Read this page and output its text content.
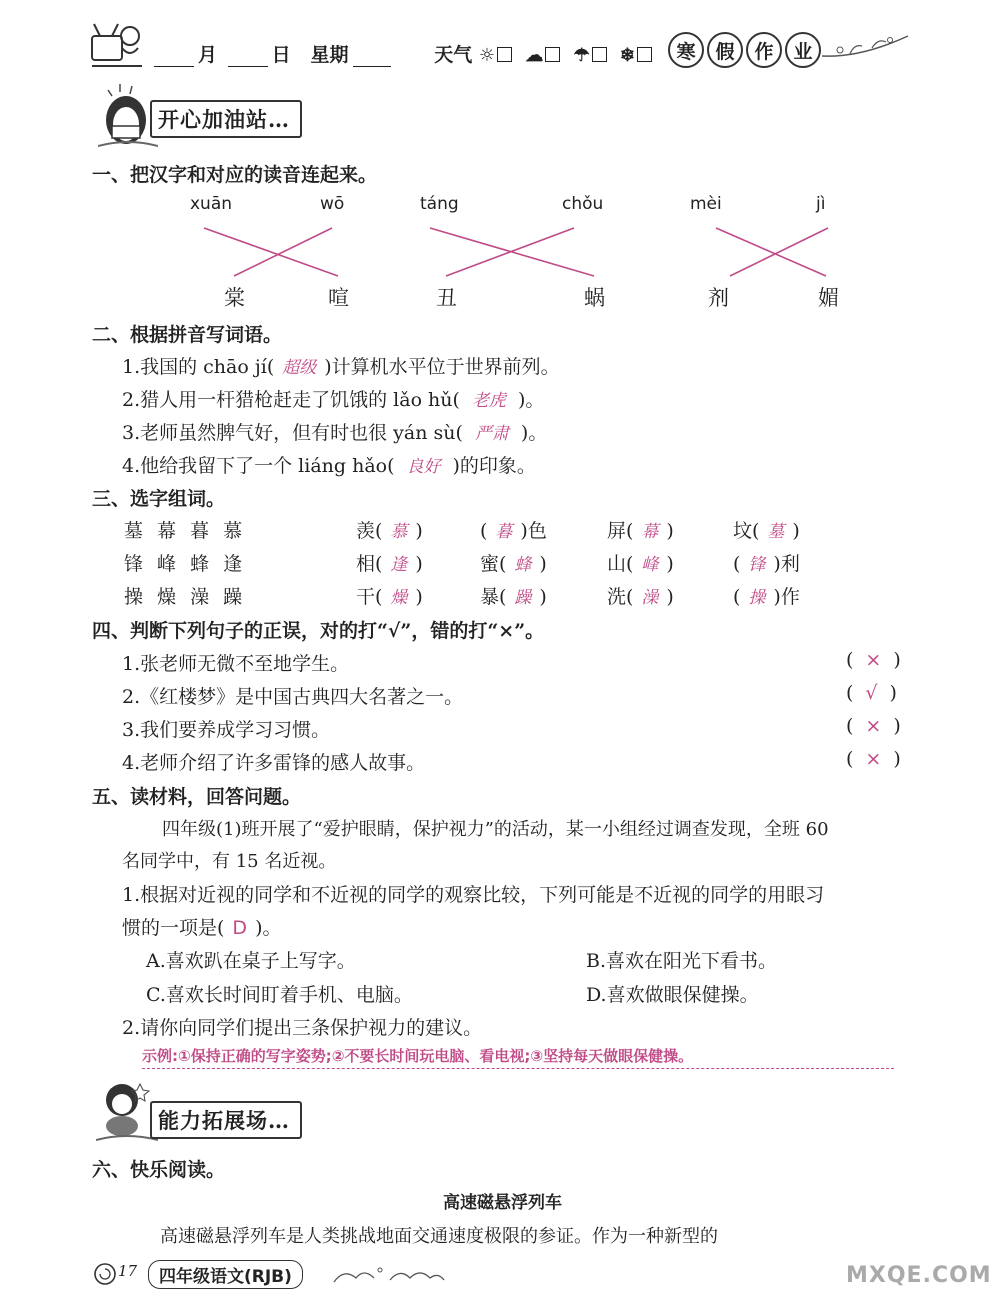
月	日 星期	天气 ☼ ☁ ☂ ❄	寒	假	作	业
开心加油站…
一、把汉字和对应的读音连起来。
xuān	wō	táng	chǒu	mèi	jì
棠	喧	丑	蜗	剂	媚
二、根据拼音写词语。
1.我国的 chāo jí( 超级 )计算机水平位于世界前列。
2.猎人用一杆猎枪赶走了饥饿的 lǎo hǔ( 老虎 )。
3.老师虽然脾气好，但有时也很 yán sù( 严肃 )。
4.他给我留下了一个 liáng hǎo( 良好 )的印象。
三、选字组词。
墓 幕 暮 慕	羡( 慕 )	( 暮 )色	屏( 幕 )	坟( 墓 )
锋 峰 蜂 逢	相( 逢 )	蜜( 蜂 )	山( 峰 )	( 锋 )利
操 燥 澡 躁	干( 燥 )	暴( 躁 )	洗( 澡 )	( 操 )作
四、判断下列句子的正误，对的打“√”，错的打“×”。
1.张老师无微不至地学生。	( × )
2.《红楼梦》是中国古典四大名著之一。	( √ )
3.我们要养成学习习惯。	( × )
4.老师介绍了许多雷锋的感人故事。	( × )
五、读材料，回答问题。
四年级(1)班开展了“爱护眼睛，保护视力”的活动，某一小组经过调查发现，全班 60
名同学中，有 15 名近视。
1.根据对近视的同学和不近视的同学的观察比较，下列可能是不近视的同学的用眼习
惯的一项是( D )。
A.喜欢趴在桌子上写字。	B.喜欢在阳光下看书。
C.喜欢长时间盯着手机、电脑。	D.喜欢做眼保健操。
2.请你向同学们提出三条保护视力的建议。
示例:①保持正确的写字姿势;②不要长时间玩电脑、看电视;③坚持每天做眼保健操。
能力拓展场…
六、快乐阅读。
高速磁悬浮列车
高速磁悬浮列车是人类挑战地面交通速度极限的参证。作为一种新型的
17	四年级语文(RJB)	MXQE.COM
